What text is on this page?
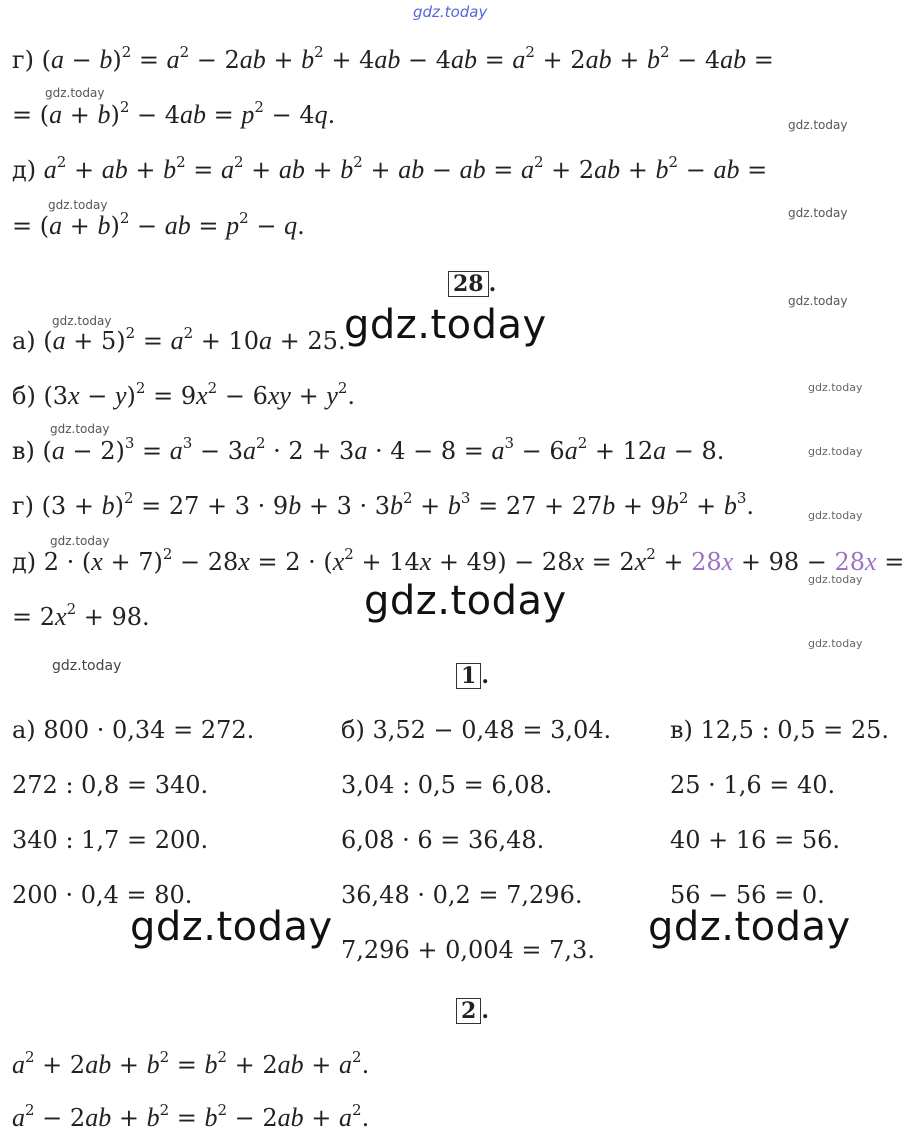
gdz.today
г) $(a - b)^2 = a^2 - 2ab + b^2 + 4ab - 4ab = a^2 + 2ab + b^2 - 4ab$ =
gdz.today
= $(a + b)^2 - 4ab = p^2 - 4q$.	gdz.today
д) $a^2$ + ab + $b^2 = a^2$ + ab + $b^2$ + ab − ab = $a^2 + 2ab + b^2$ − ab =
gdz.today
= $(a + b)^2$ − ab = $p^2 - q$.	gdz.today
28 .
gdz.today
gdz.today	gdz.today
а) $(a + 5)^2 = a^2 + 10a + 25$.
б) $(3x - y)^2 = 9x^2 - 6xy + y^2$.	gdz.today
gdz.today
в) $(a - 2)^3 = a^3 - 3a^2 \cdot 2 + 3a \cdot 4 - 8 = a^3 - 6a^2 + 12a - 8$.	gdz.today
г) $(3 + b)^2 = 27 + 3 \cdot 9b + 3 \cdot 3b^2 + b^3 = 27 + 27b + 9b^2 + b^3$.	gdz.today
gdz.today
д) $2 \cdot (x + 7)^2 - 28x = 2 \cdot (x^2 + 14x + 49) - 28x = 2x^2 + 28x + 98 - 28x$ =
gdz.today
gdz.today
= $2x^2 + 98$.
gdz.today
gdz.today	1 .
а) 800 · 0,34 = 272.
272 : 0,8 = 340.
340 : 1,7 = 200.
200 · 0,4 = 80.
б) 3,52 − 0,48 = 3,04.
3,04 : 0,5 = 6,08.
6,08 · 6 = 36,48.
36,48 · 0,2 = 7,296.
7,296 + 0,004 = 7,3.
в) 12,5 : 0,5 = 25.
25 · 1,6 = 40.
40 + 16 = 56.
56 − 56 = 0.
gdz.today	gdz.today
2 .
$a^2 + 2ab + b^2 = b^2 + 2ab + a^2$.
$a^2 - 2ab + b^2 = b^2 - 2ab + a^2$.
